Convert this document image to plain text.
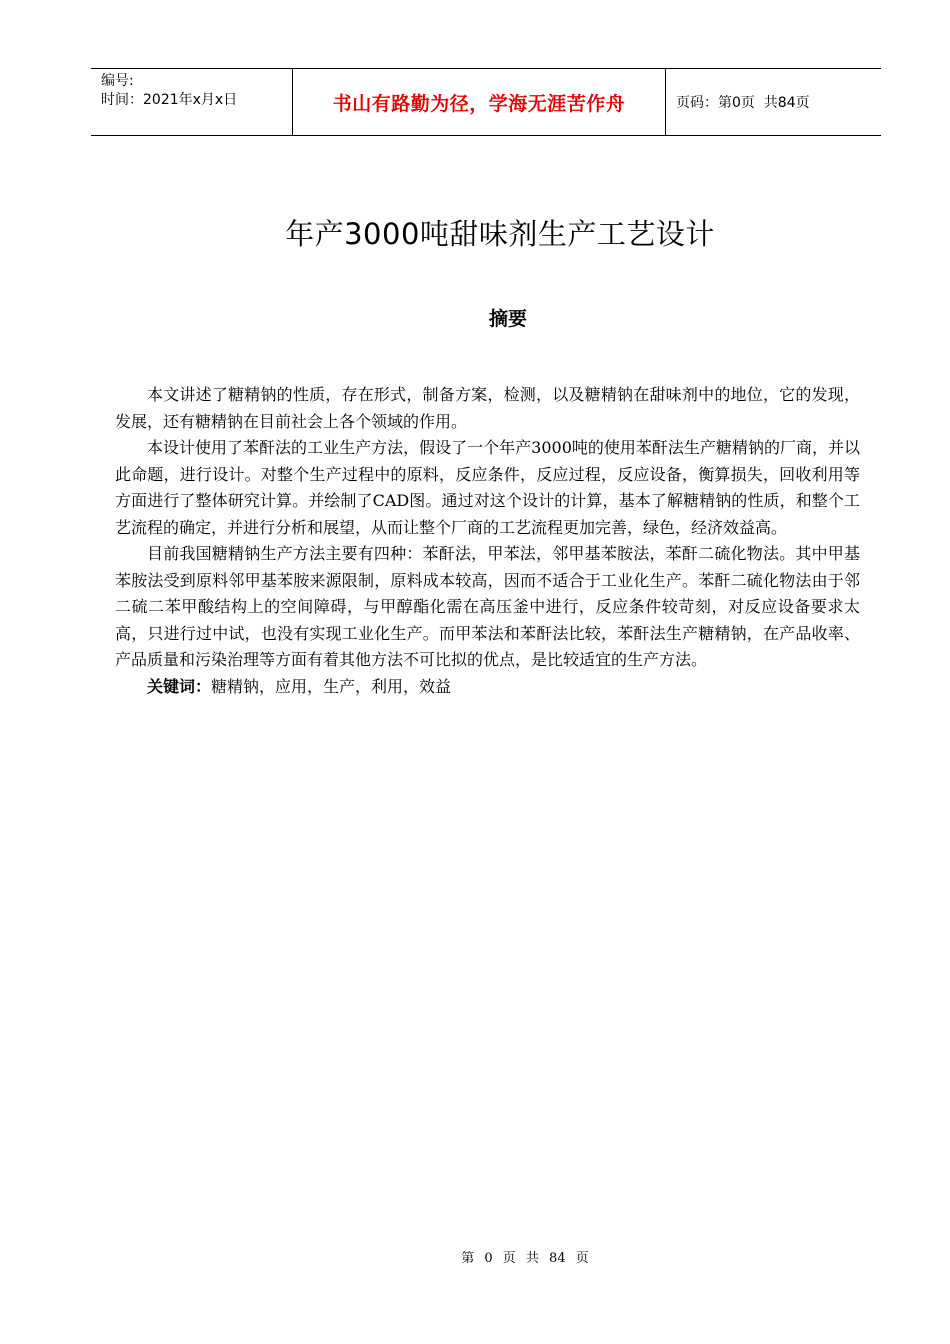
编号:
时间：2021年x月x日	书山有路勤为径，学海无涯苦作舟	页码：第0页  共84页
年产3000吨甜味剂生产工艺设计
摘要

本文讲述了糖精钠的性质，存在形式，制备方案，检测，以及糖精钠在甜味剂中的地位，它的发现，发展，还有糖精钠在目前社会上各个领域的作用。

本设计使用了苯酐法的工业生产方法，假设了一个年产3000吨的使用苯酐法生产糖精钠的厂商，并以此命题，进行设计。对整个生产过程中的原料，反应条件，反应过程，反应设备，衡算损失，回收利用等方面进行了整体研究计算。并绘制了CAD图。通过对这个设计的计算，基本了解糖精钠的性质，和整个工艺流程的确定，并进行分析和展望，从而让整个厂商的工艺流程更加完善，绿色，经济效益高。

目前我国糖精钠生产方法主要有四种：苯酐法，甲苯法，邻甲基苯胺法，苯酐二硫化物法。其中甲基苯胺法受到原料邻甲基苯胺来源限制，原料成本较高，因而不适合于工业化生产。苯酐二硫化物法由于邻二硫二苯甲酸结构上的空间障碍，与甲醇酯化需在高压釜中进行，反应条件较苛刻，对反应设备要求太高，只进行过中试，也没有实现工业化生产。而甲苯法和苯酐法比较，苯酐法生产糖精钠，在产品收率、产品质量和污染治理等方面有着其他方法不可比拟的优点，是比较适宜的生产方法。

关键词：糖精钠，应用，生产，利用，效益

第 0 页 共 84 页
